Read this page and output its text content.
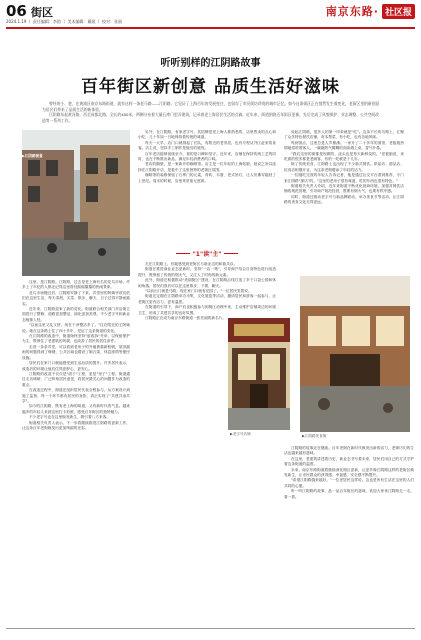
06 街区
2024.1.19 丨 责任编辑：李韵 丨 美术编辑：戴媛 丨 校对：张丽
南京东路· 社区报
听听别样的江阴路故事
百年街区新创意 品质生活好滋味

曾经的小、巷，在黄浦区南京东路街道，就有这样一条老马路——江阴路。它见证了上海百年的发展变迁，也留存了市民街坊珍贵的城市记忆。如今这条街区正在悄然发生着变化，老街区里的新创意为居民们带来了品质生活的新体验。

江阴路东起黄河路，西至成都北路，全长约480米，两侧分布着大量石库门里弄建筑，记录着老上海居民生活的点滴。近年来，街道围绕百年街区更新，先后完成了风貌保护、业态调整、公共空间改造等一系列工作。

▶江阴路街景

这里，是江阴路。江阴路，过去是老上海有名的花鸟市场，许多上了年纪的人都还记得这里曾经熙熙攘攘的热闹景象。

花鸟市场搬迁后，江阴路安静了下来。弄堂里的阿姨爷叔们依旧在这里生活，每天清晨，买菜、散步、聊天，日子过得平静而踏实。

近年来，江阴路迎来了新的变化。街道联合相关部门对沿街立面进行了整修，道路更加整洁，绿化更加美观，不少老字号和新业态相继入驻。

"以前这里又乱又挤，现在干净整洁多了。"住在附近的王阿姨说。她在这条路上住了四十多年，见证了这条街道的变化。

在江阴路的改造中，街道始终坚持"留改拆"并举，以保留保护为主，既保住了老建筑的风貌，也改善了居民的居住条件。

走进一条条弄堂，可以看到老房子的外墙被重新粉刷，屋顶漏雨的问题得到了修缮，公共区域也增设了晾衣架、休息座椅等便民设施。

居民们在家门口就能感受到生活品质的提升。许多居民表示，改造后的环境让他们住得更舒心、更安心。

江阴路的改造不仅仅是"面子"工程，更是"里子"工程。街道通过走访调研，广泛听取居民意见，将居民最关心的问题作为改造的重点。

在改造过程中，街道还组织居民代表全程参与，从方案设计到施工监督，每一个环节都有居民的身影，真正实现了"共建共治共享"。

如今的江阴路，既有老上海的味道，又有新时代的气息。越来越多的年轻人来到这里打卡拍照，感受百年街区的独特魅力。

不少老字号也在这里焕发新生，吸引着八方来客。

街道相关负责人表示，下一步将继续推进江阴路的更新工作，让这条百年老街焕发出更加绚丽的光彩。

另外，在江阴路，有家老字号，其招牌是老上海人都熟悉的，店里售卖的点心和小吃，几十年如一日地保持着传统的味道。

每天一大早，店门口就排起了长队，有附近的老邻居，也有专程从外区赶来的食客。店主说，坚持手工制作是他们的底线。

百年老店能够延续至今，靠的是口碑和坚守。近年来，店铺在保持传统工艺的同时，也在不断推出新品，满足年轻消费者的口味。

老店的隔壁，是一家新开的咖啡馆。店主是一位年轻的上海姑娘，她说之所以选择在江阴路开店，是看中了这里独特的老街区氛围。

咖啡馆的装修保留了石库门的元素，青砖、木窗、老式吊灯，让人仿佛穿越回了上世纪。周末的时候，店里常常座无虚席。

"1"读"主"

走在江阴路上，你能感受到老街区与新业态的和谐共存。

街道在推进商业业态更新时，坚持"一店一策"，引导商户结合自身特色进行改造提升，既保留了传统的烟火气，又注入了时尚的新元素。

此外，街道还积极推动"美丽街区"建设，在江阴路沿线打造了多个口袋公园和休闲角落，居民们饭后可以在这里散步、下棋、聊天。

"以前出门就是马路，现在家门口就有花园了。"一位居民笑着说。

街道还定期在江阴路举办市集、文化展览等活动，邀请居民和游客一起参与，让老街区更有活力、更有温度。

在街道的引导下，商户们也积极参与到街区治理中来，主动维护店铺周边的环境卫生，形成了共建共享的良好氛围。

江阴路正在成为南京东路街道一张亮丽的新名片。

▶老字号店铺

说起江阴路，很多人的第一印象就是"吃"。这条不长的马路上，汇聚了众多特色餐饮店铺，有本帮菜、有小吃，也有各地风味。

每到饭点，这里总是人声鼎沸。一家开了二十多年的面馆，老板娘热情地招呼着客人，一碗碗热气腾腾的面条端上桌，香气扑鼻。

"我们这里的面都是现做的，浇头也是每天新鲜烧的。"老板娘说，来吃面的很多都是老顾客，有的一吃就是十几年。

除了传统美食，江阴路上也出现了不少新式餐饮。烘焙店、甜品店、轻食店相继开业，为这条老街增添了年轻的活力。

一位刚吃完饭的年轻人告诉记者，他是通过社交平台看到推荐，专门来江阴路"探店"的。"这里的老房子很有味道，吃的东西也很有特色。"

街道相关负责人介绍，近年来街道不断优化营商环境，加强对餐饮店铺的规范管理，引导商户规范经营，既要有烟火气，也要有秩序感。

同时，街道还推动老字号与新品牌联动，举办美食节等活动，让江阴路的美食文化走得更远。

▶江阴路美食街

江阴路的故事还在继续。百年老街在新时代焕发出新的活力，老街坊们的生活也越来越有滋味。

在这里，老建筑讲述着历史，新业态书写着未来，居民们用自己的方式守护着这条街道的温度。

未来，南京东路街道将继续深化街区更新，让更多像江阴路这样的老街区焕发新生，让市民群众的获得感、幸福感、安全感不断提升。

"希望江阴路越来越好。"一位老居民这样说。这也是所有生活在这里的人们共同的心愿。

听一听江阴路的故事，品一品百年街区的滋味，欢迎大家来江阴路走一走、看一看。
